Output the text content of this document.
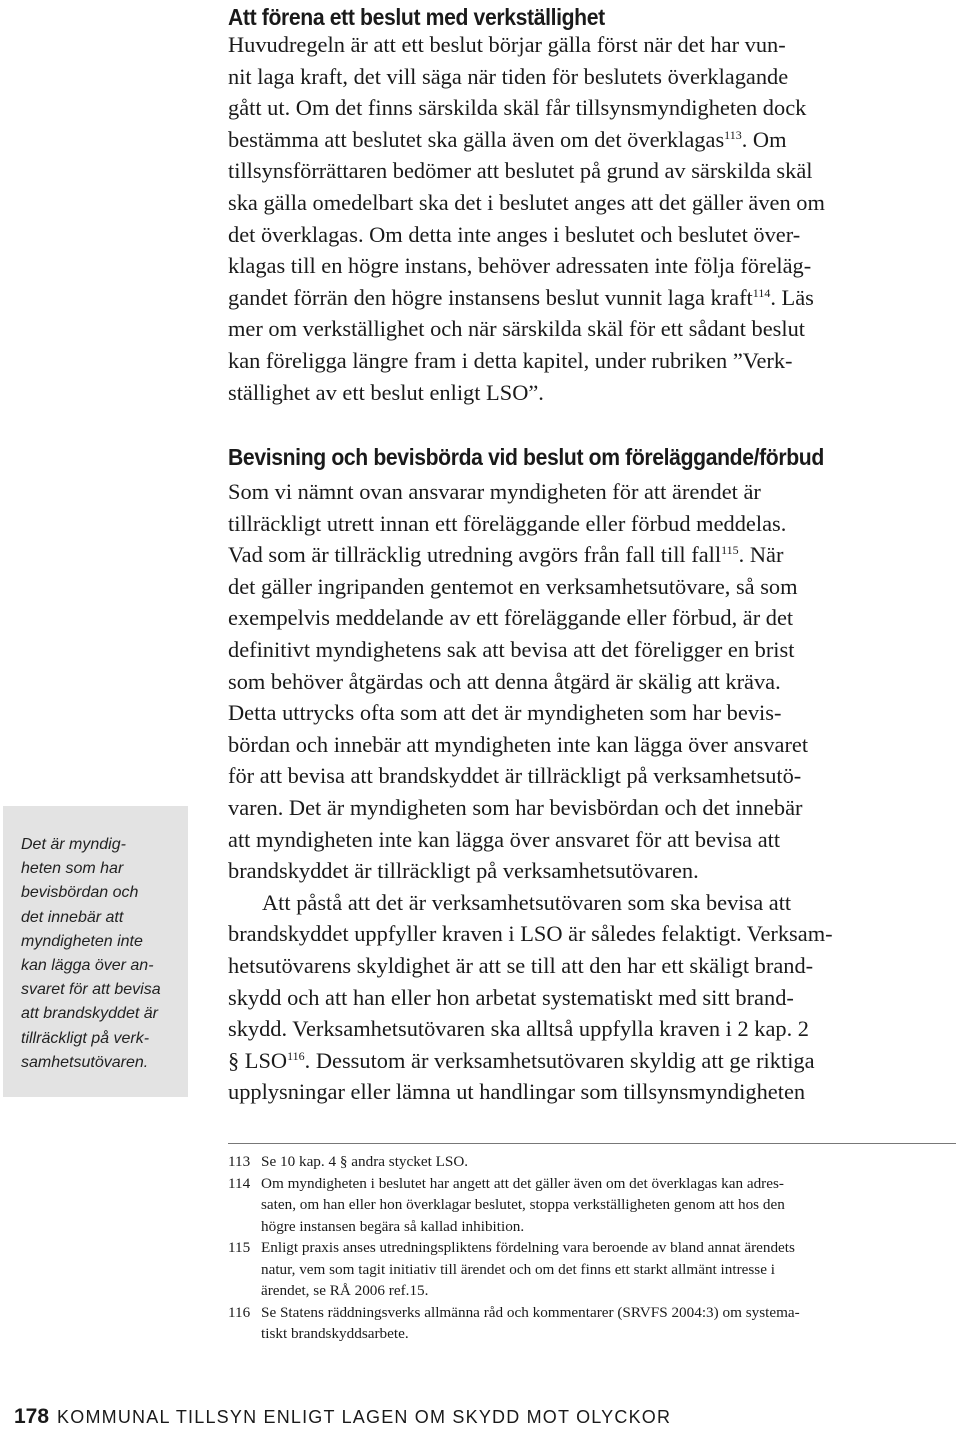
Att förena ett beslut med verkställighet

Huvudregeln är att ett beslut börjar gälla först när det har vun-
nit laga kraft, det vill säga när tiden för beslutets överklagande
gått ut. Om det finns särskilda skäl får tillsynsmyndigheten dock
bestämma att beslutet ska gälla även om det överklagas$^{113}$. Om
tillsynsförrättaren bedömer att beslutet på grund av särskilda skäl
ska gälla omedelbart ska det i beslutet anges att det gäller även om
det överklagas. Om detta inte anges i beslutet och beslutet över-
klagas till en högre instans, behöver adressaten inte följa föreläg-
gandet förrän den högre instansens beslut vunnit laga kraft$^{114}$. Läs
mer om verkställighet och när särskilda skäl för ett sådant beslut
kan föreligga längre fram i detta kapitel, under rubriken ”Verk-
ställighet av ett beslut enligt LSO”.

Bevisning och bevisbörda vid beslut om föreläggande/förbud

Som vi nämnt ovan ansvarar myndigheten för att ärendet är
tillräckligt utrett innan ett föreläggande eller förbud meddelas.
Vad som är tillräcklig utredning avgörs från fall till fall$^{115}$. När
det gäller ingripanden gentemot en verksamhetsutövare, så som
exempelvis meddelande av ett föreläggande eller förbud, är det
definitivt myndighetens sak att bevisa att det föreligger en brist
som behöver åtgärdas och att denna åtgärd är skälig att kräva.
Detta uttrycks ofta som att det är myndigheten som har bevis-
bördan och innebär att myndigheten inte kan lägga över ansvaret
för att bevisa att brandskyddet är tillräckligt på verksamhetsutö-
varen. Det är myndigheten som har bevisbördan och det innebär
att myndigheten inte kan lägga över ansvaret för att bevisa att
brandskyddet är tillräckligt på verksamhetsutövaren.

Att påstå att det är verksamhetsutövaren som ska bevisa att
brandskyddet uppfyller kraven i LSO är således felaktigt. Verksam-
hetsutövarens skyldighet är att se till att den har ett skäligt brand-
skydd och att han eller hon arbetat systematiskt med sitt brand-
skydd. Verksamhetsutövaren ska alltså uppfylla kraven i 2 kap. 2
§ LSO$^{116}$. Dessutom är verksamhetsutövaren skyldig att ge riktiga
upplysningar eller lämna ut handlingar som tillsynsmyndigheten

Det är myndig-
heten som har
bevisbördan och
det innebär att
myndigheten inte
kan lägga över an-
svaret för att bevisa
att brandskyddet är
tillräckligt på verk-
samhetsutövaren.
113 Se 10 kap. 4 § andra stycket LSO.
114 Om myndigheten i beslutet har angett att det gäller även om det överklagas kan adres-
saten, om han eller hon överklagar beslutet, stoppa verkställigheten genom att hos den
högre instansen begära så kallad inhibition.
115 Enligt praxis anses utredningspliktens fördelning vara beroende av bland annat ärendets
natur, vem som tagit initiativ till ärendet och om det finns ett starkt allmänt intresse i
ärendet, se RÅ 2006 ref.15.
116 Se Statens räddningsverks allmänna råd och kommentarer (SRVFS 2004:3) om systema-
tiskt brandskyddsarbete.
178 KOMMUNAL TILLSYN ENLIGT LAGEN OM SKYDD MOT OLYCKOR
